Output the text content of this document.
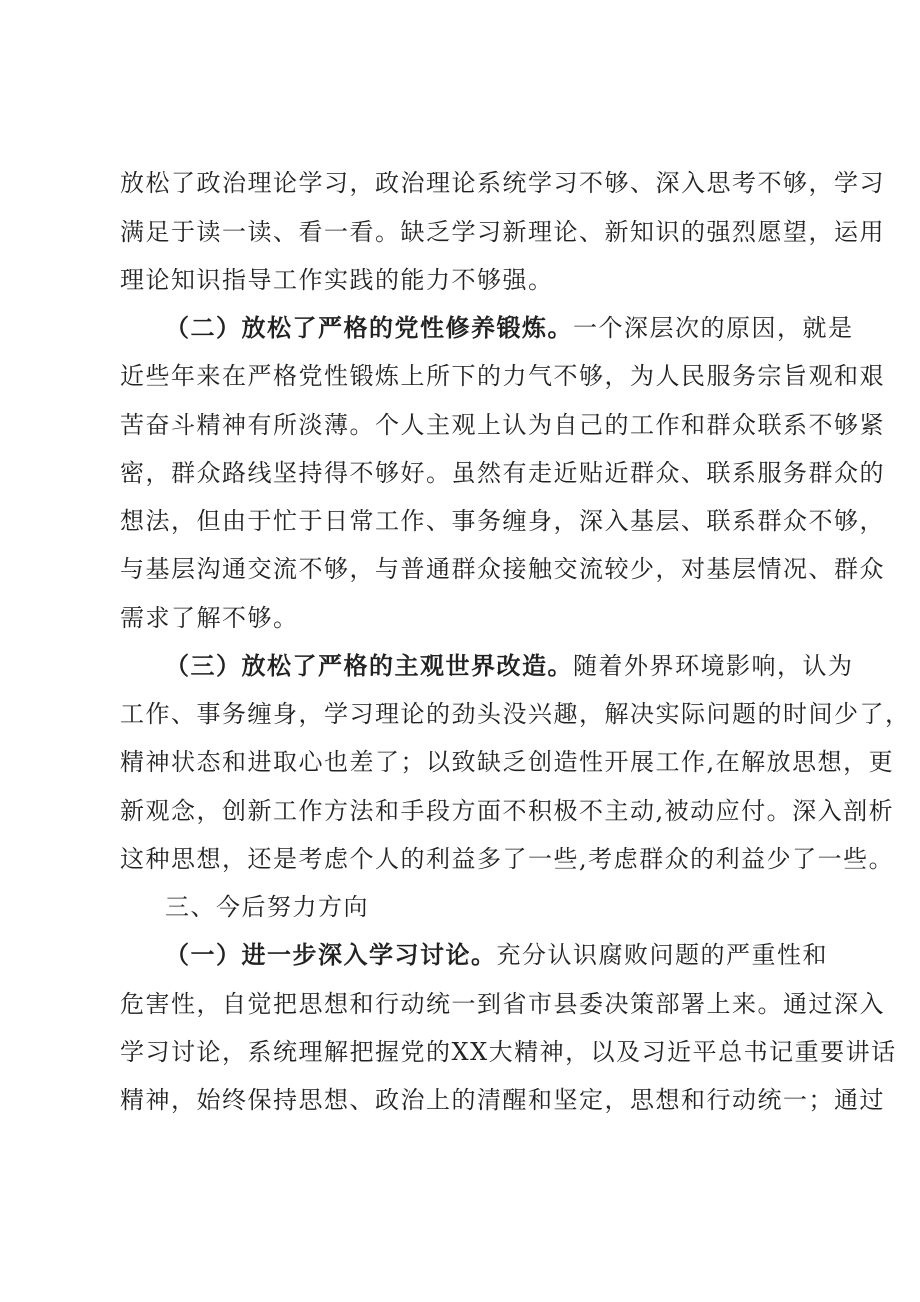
放松了政治理论学习，政治理论系统学习不够、深入思考不够，学习
满足于读一读、看一看。缺乏学习新理论、新知识的强烈愿望，运用
理论知识指导工作实践的能力不够强。
（二）放松了严格的党性修养锻炼。一个深层次的原因，就是
近些年来在严格党性锻炼上所下的力气不够，为人民服务宗旨观和艰
苦奋斗精神有所淡薄。个人主观上认为自己的工作和群众联系不够紧
密，群众路线坚持得不够好。虽然有走近贴近群众、联系服务群众的
想法，但由于忙于日常工作、事务缠身，深入基层、联系群众不够，
与基层沟通交流不够，与普通群众接触交流较少，对基层情况、群众
需求了解不够。
（三）放松了严格的主观世界改造。随着外界环境影响，认为
工作、事务缠身，学习理论的劲头没兴趣，解决实际问题的时间少了，
精神状态和进取心也差了；以致缺乏创造性开展工作,在解放思想，更
新观念，创新工作方法和手段方面不积极不主动,被动应付。深入剖析
这种思想，还是考虑个人的利益多了一些,考虑群众的利益少了一些。
三、今后努力方向
（一）进一步深入学习讨论。充分认识腐败问题的严重性和
危害性，自觉把思想和行动统一到省市县委决策部署上来。通过深入
学习讨论，系统理解把握党的XX大精神，以及习近平总书记重要讲话
精神，始终保持思想、政治上的清醒和坚定，思想和行动统一；通过
